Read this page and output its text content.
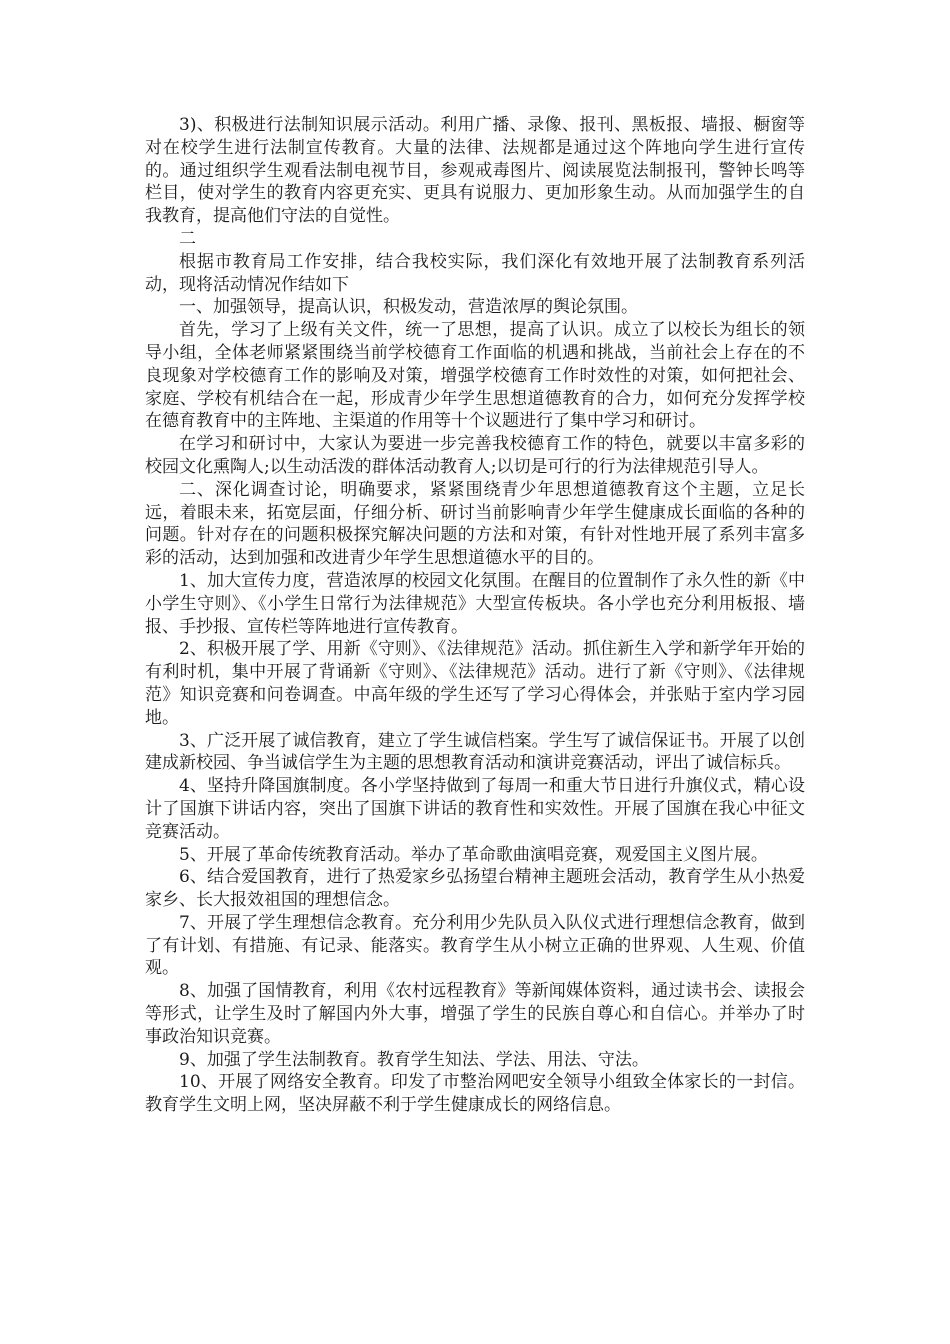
3)、积极进行法制知识展示活动。利用广播、录像、报刊、黑板报、墙报、橱窗等对在校学生进行法制宣传教育。大量的法律、法规都是通过这个阵地向学生进行宣传的。通过组织学生观看法制电视节目，参观戒毒图片、阅读展览法制报刊，警钟长鸣等栏目，使对学生的教育内容更充实、更具有说服力、更加形象生动。从而加强学生的自我教育，提高他们守法的自觉性。

二

根据市教育局工作安排，结合我校实际，我们深化有效地开展了法制教育系列活动，现将活动情况作结如下

一、加强领导，提高认识，积极发动，营造浓厚的舆论氛围。

首先，学习了上级有关文件，统一了思想，提高了认识。成立了以校长为组长的领导小组，全体老师紧紧围绕当前学校德育工作面临的机遇和挑战，当前社会上存在的不良现象对学校德育工作的影响及对策，增强学校德育工作时效性的对策，如何把社会、家庭、学校有机结合在一起，形成青少年学生思想道德教育的合力，如何充分发挥学校在德育教育中的主阵地、主渠道的作用等十个议题进行了集中学习和研讨。

在学习和研讨中，大家认为要进一步完善我校德育工作的特色，就要以丰富多彩的校园文化熏陶人;以生动活泼的群体活动教育人;以切是可行的行为法律规范引导人。

二、深化调查讨论，明确要求，紧紧围绕青少年思想道德教育这个主题，立足长远，着眼未来，拓宽层面，仔细分析、研讨当前影响青少年学生健康成长面临的各种的问题。针对存在的问题积极探究解决问题的方法和对策，有针对性地开展了系列丰富多彩的活动，达到加强和改进青少年学生思想道德水平的目的。

1、加大宣传力度，营造浓厚的校园文化氛围。在醒目的位置制作了永久性的新《中小学生守则》、《小学生日常行为法律规范》大型宣传板块。各小学也充分利用板报、墙报、手抄报、宣传栏等阵地进行宣传教育。

2、积极开展了学、用新《守则》、《法律规范》活动。抓住新生入学和新学年开始的有利时机，集中开展了背诵新《守则》、《法律规范》活动。进行了新《守则》、《法律规范》知识竞赛和问卷调查。中高年级的学生还写了学习心得体会，并张贴于室内学习园地。

3、广泛开展了诚信教育，建立了学生诚信档案。学生写了诚信保证书。开展了以创建成新校园、争当诚信学生为主题的思想教育活动和演讲竞赛活动，评出了诚信标兵。

4、坚持升降国旗制度。各小学坚持做到了每周一和重大节日进行升旗仪式，精心设计了国旗下讲话内容，突出了国旗下讲话的教育性和实效性。开展了国旗在我心中征文竞赛活动。

5、开展了革命传统教育活动。举办了革命歌曲演唱竞赛，观爱国主义图片展。

6、结合爱国教育，进行了热爱家乡弘扬望台精神主题班会活动，教育学生从小热爱家乡、长大报效祖国的理想信念。

7、开展了学生理想信念教育。充分利用少先队员入队仪式进行理想信念教育，做到了有计划、有措施、有记录、能落实。教育学生从小树立正确的世界观、人生观、价值观。

8、加强了国情教育，利用《农村远程教育》等新闻媒体资料，通过读书会、读报会等形式，让学生及时了解国内外大事，增强了学生的民族自尊心和自信心。并举办了时事政治知识竞赛。

9、加强了学生法制教育。教育学生知法、学法、用法、守法。

10、开展了网络安全教育。印发了市整治网吧安全领导小组致全体家长的一封信。教育学生文明上网，坚决屏蔽不利于学生健康成长的网络信息。
